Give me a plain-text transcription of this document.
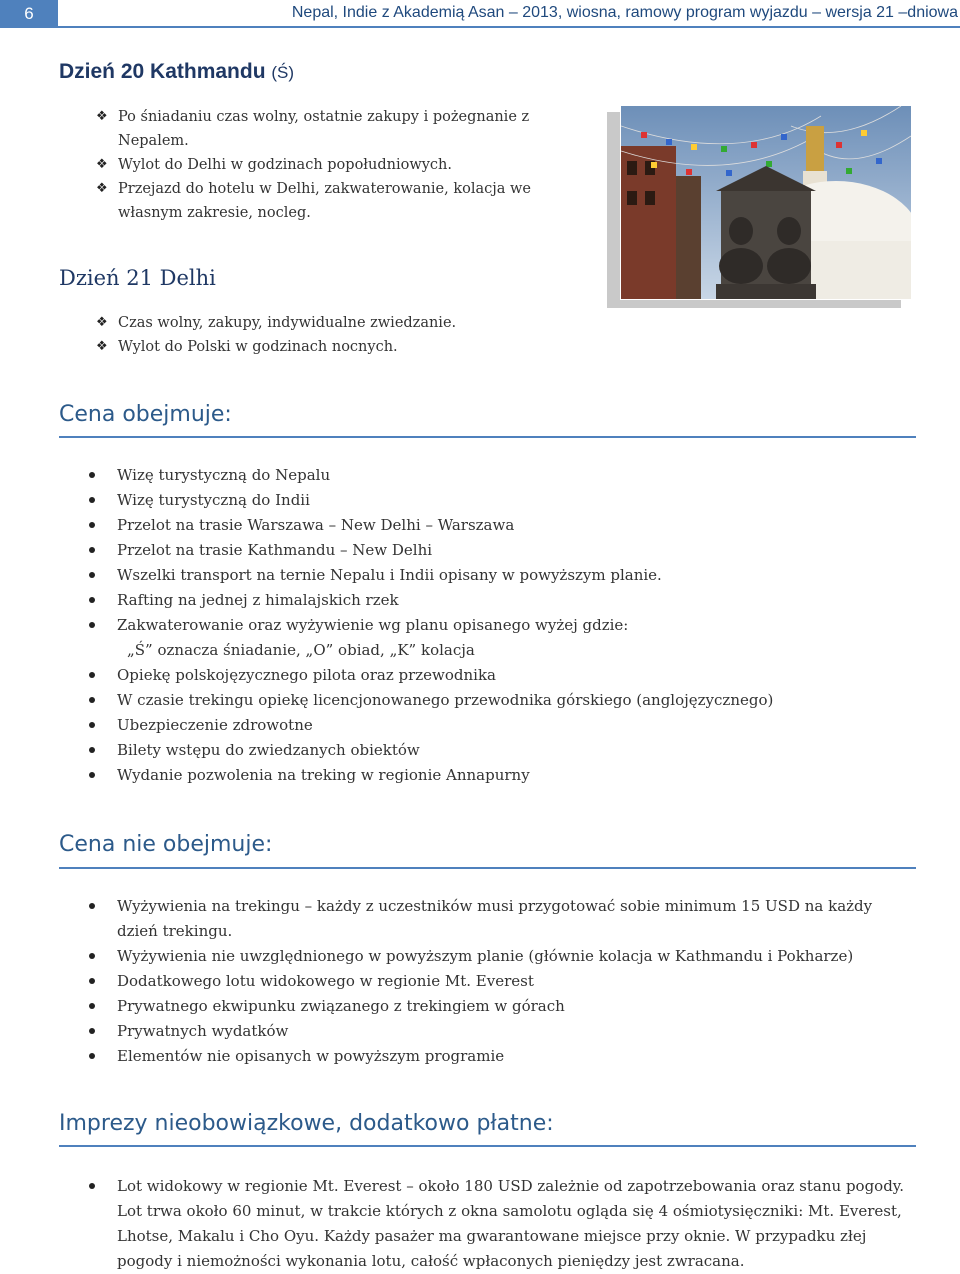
6	Nepal, Indie z Akademią Asan – 2013, wiosna, ramowy program wyjazdu – wersja 21 –dniowa
Dzień 20 Kathmandu (Ś)
❖ Po śniadaniu czas wolny, ostatnie zakupy i pożegnanie z Nepalem.
❖ Wylot do Delhi w godzinach popołudniowych.
❖ Przejazd do hotelu w Delhi, zakwaterowanie, kolacja we własnym zakresie, nocleg.
Dzień 21 Delhi
❖ Czas wolny, zakupy, indywidualne zwiedzanie.
❖ Wylot do Polski w godzinach nocnych.
Cena obejmuje:
Wizę turystyczną do Nepalu
Wizę turystyczną do Indii
Przelot na trasie Warszawa – New Delhi – Warszawa
Przelot na trasie Kathmandu – New Delhi
Wszelki transport na ternie Nepalu i Indii opisany w powyższym planie.
Rafting na jednej z himalajskich rzek
Zakwaterowanie oraz wyżywienie wg planu opisanego wyżej gdzie:
„Ś” oznacza śniadanie, „O” obiad, „K” kolacja
Opiekę polskojęzycznego pilota oraz przewodnika
W czasie trekingu opiekę licencjonowanego przewodnika górskiego (anglojęzycznego)
Ubezpieczenie zdrowotne
Bilety wstępu do zwiedzanych obiektów
Wydanie pozwolenia na treking w regionie Annapurny
Cena nie obejmuje:
Wyżywienia na trekingu – każdy z uczestników musi przygotować sobie minimum 15 USD na każdy dzień trekingu.
Wyżywienia nie uwzględnionego w powyższym planie (głównie kolacja w Kathmandu i Pokharze)
Dodatkowego lotu widokowego w regionie Mt. Everest
Prywatnego ekwipunku związanego z trekingiem w górach
Prywatnych wydatków
Elementów nie opisanych w powyższym programie
Imprezy nieobowiązkowe, dodatkowo płatne:
Lot widokowy w regionie Mt. Everest – około 180 USD zależnie od zapotrzebowania oraz stanu pogody. Lot trwa około 60 minut, w trakcie których z okna samolotu ogląda się 4 ośmiotysięczniki: Mt. Everest, Lhotse, Makalu i Cho Oyu. Każdy pasażer ma gwarantowane miejsce przy oknie. W przypadku złej pogody i niemożności wykonania lotu, całość wpłaconych pieniędzy jest zwracana.
